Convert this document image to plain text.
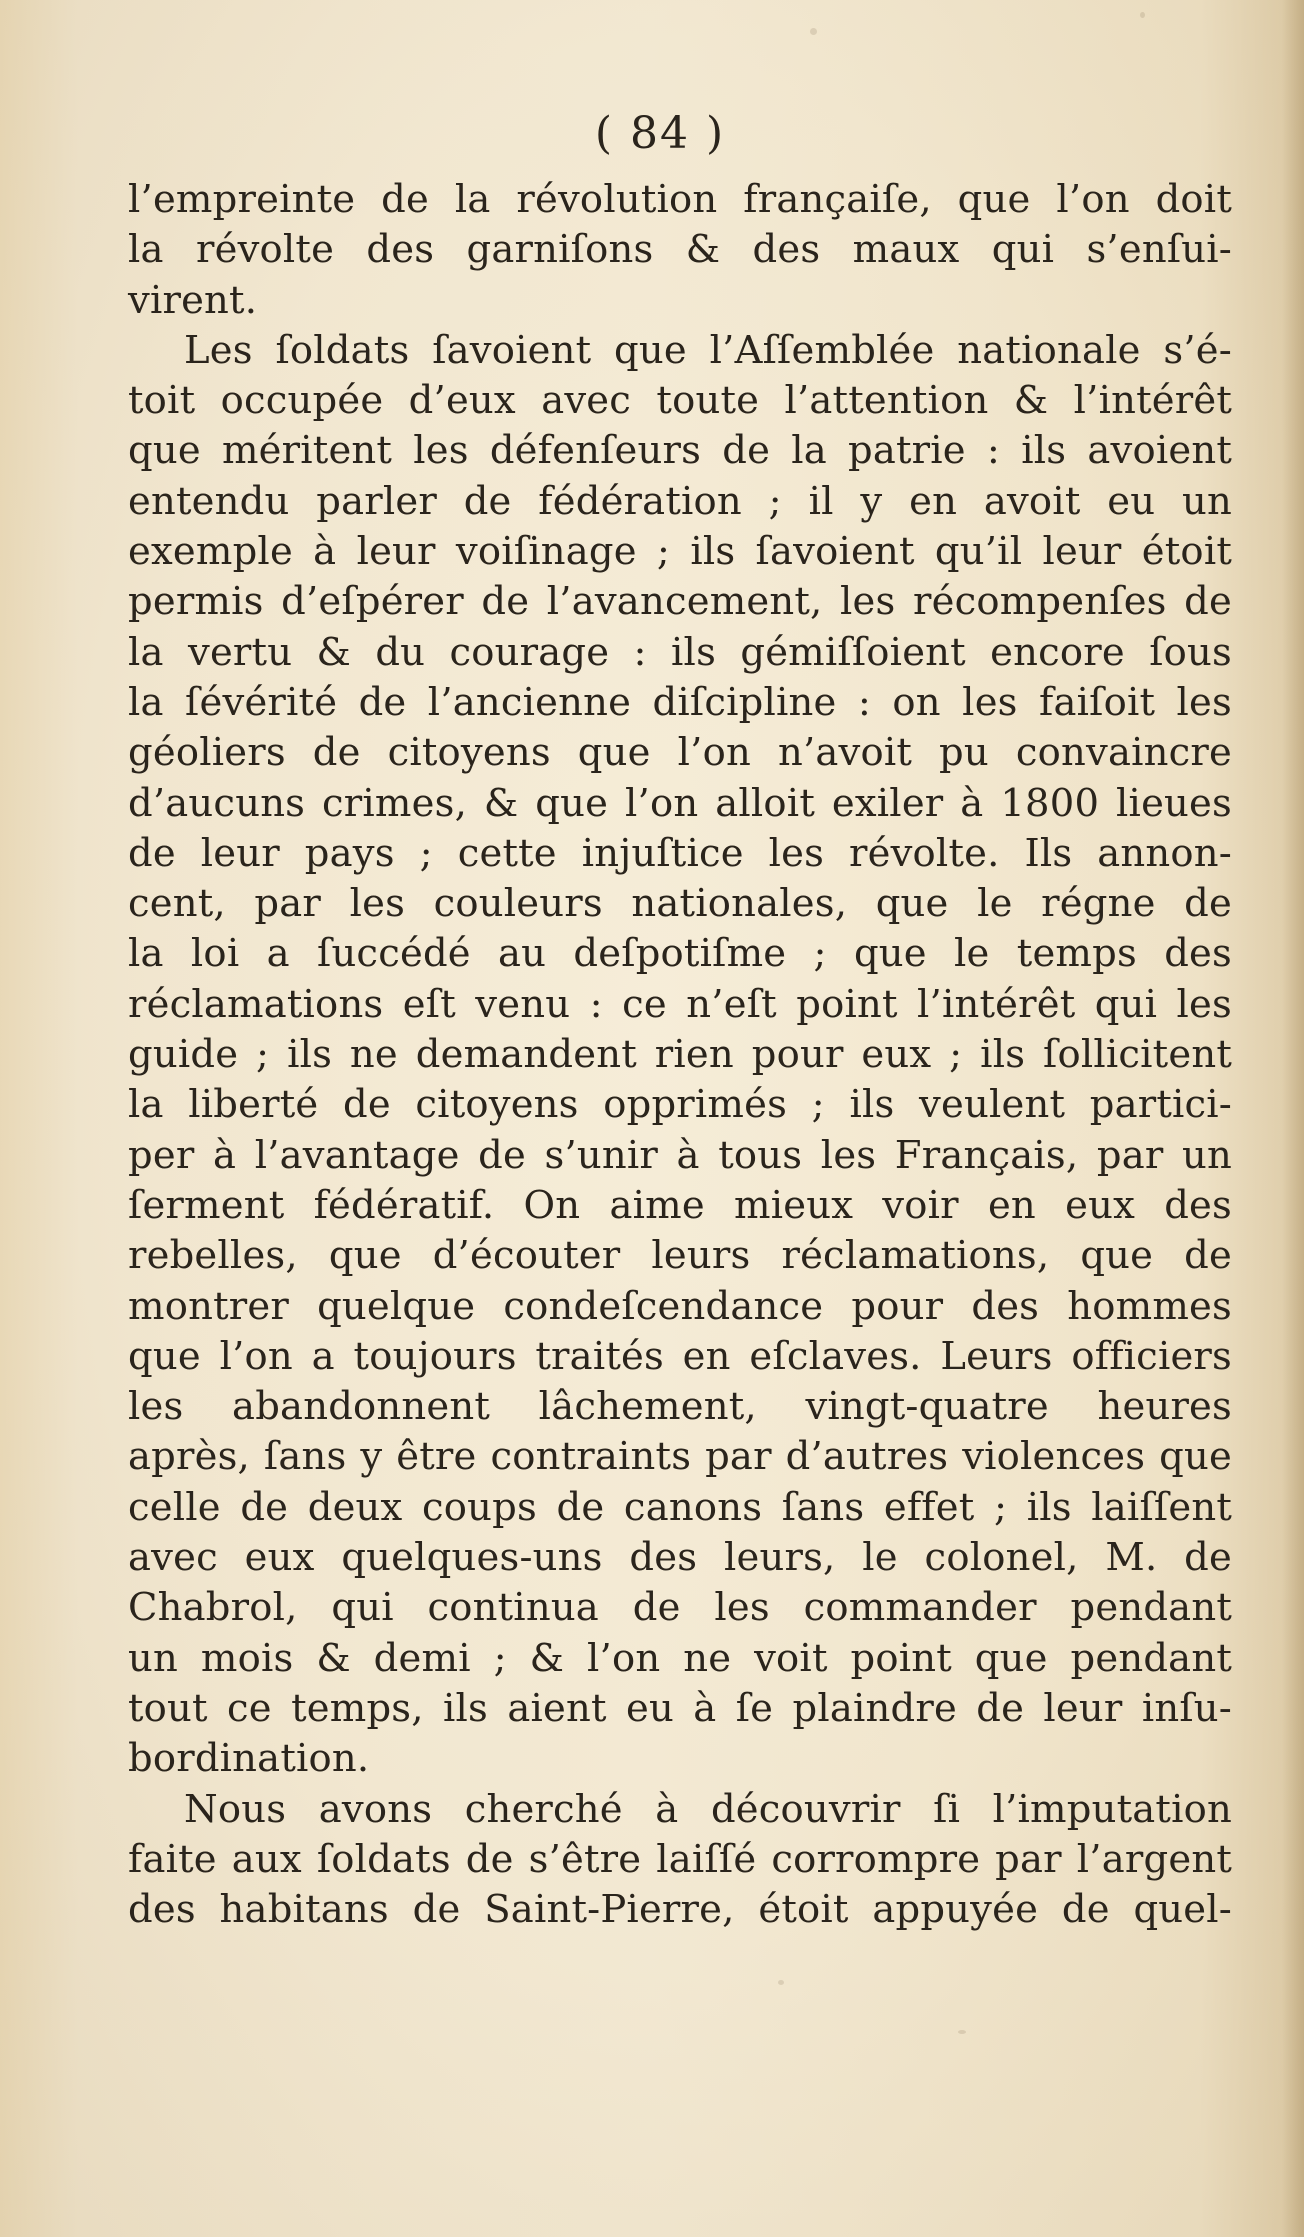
( 84 )
l’empreinte de la révolution françaiſe, que l’on doit
la révolte des garniſons & des maux qui s’enſui-
virent.
Les ſoldats ſavoient que l’Aſſemblée nationale s’é-
toit occupée d’eux avec toute l’attention & l’intérêt
que méritent les défenſeurs de la patrie : ils avoient
entendu parler de fédération ; il y en avoit eu un
exemple à leur voiſinage ; ils ſavoient qu’il leur étoit
permis d’eſpérer de l’avancement, les récompenſes de
la vertu & du courage : ils gémiſſoient encore ſous
la ſévérité de l’ancienne diſcipline : on les faiſoit les
géoliers de citoyens que l’on n’avoit pu convaincre
d’aucuns crimes, & que l’on alloit exiler à 1800 lieues
de leur pays ; cette injuſtice les révolte. Ils annon-
cent, par les couleurs nationales, que le régne de
la loi a ſuccédé au deſpotiſme ; que le temps des
réclamations eſt venu : ce n’eſt point l’intérêt qui les
guide ; ils ne demandent rien pour eux ; ils ſollicitent
la liberté de citoyens opprimés ; ils veulent partici-
per à l’avantage de s’unir à tous les Français, par un
ſerment fédératif. On aime mieux voir en eux des
rebelles, que d’écouter leurs réclamations, que de
montrer quelque condeſcendance pour des hommes
que l’on a toujours traités en eſclaves. Leurs officiers
les abandonnent lâchement, vingt-quatre heures
après, ſans y être contraints par d’autres violences que
celle de deux coups de canons ſans effet ; ils laiſſent
avec eux quelques-uns des leurs, le colonel, M. de
Chabrol, qui continua de les commander pendant
un mois & demi ; & l’on ne voit point que pendant
tout ce temps, ils aient eu à ſe plaindre de leur inſu-
bordination.
Nous avons cherché à découvrir ſi l’imputation
faite aux ſoldats de s’être laiſſé corrompre par l’argent
des habitans de Saint-Pierre, étoit appuyée de quel-
